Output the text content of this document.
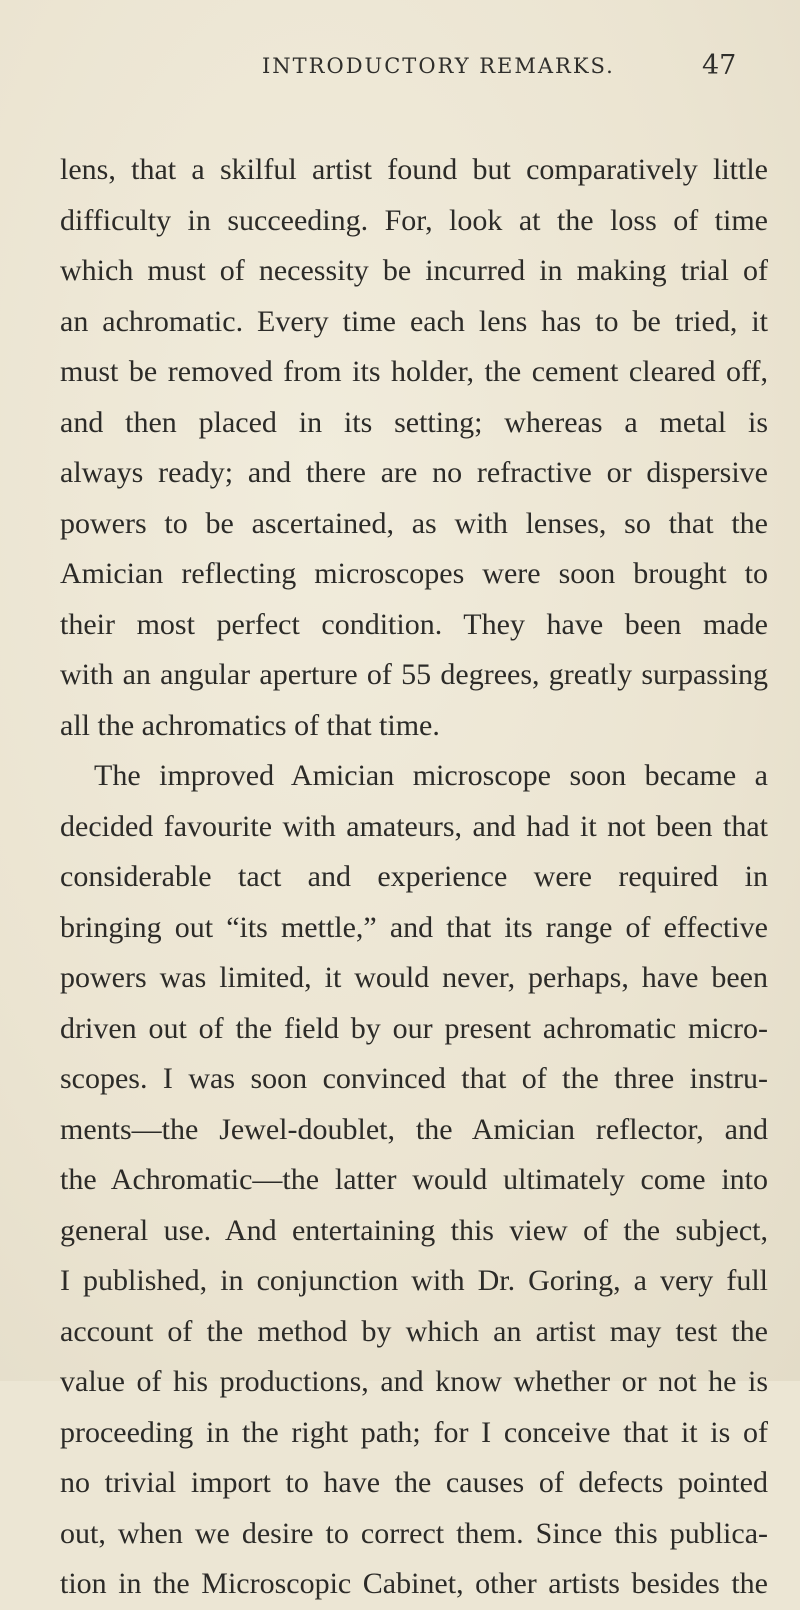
INTRODUCTORY REMARKS.	47
lens, that a skilful artist found but comparatively little
difficulty in succeeding. For, look at the loss of time
which must of necessity be incurred in making trial of
an achromatic. Every time each lens has to be tried, it
must be removed from its holder, the cement cleared off,
and then placed in its setting; whereas a metal is
always ready; and there are no refractive or dispersive
powers to be ascertained, as with lenses, so that the
Amician reflecting microscopes were soon brought to
their most perfect condition. They have been made
with an angular aperture of 55 degrees, greatly surpassing
all the achromatics of that time.
The improved Amician microscope soon became a
decided favourite with amateurs, and had it not been that
considerable tact and experience were required in
bringing out “its mettle,” and that its range of effective
powers was limited, it would never, perhaps, have been
driven out of the field by our present achromatic micro-
scopes. I was soon convinced that of the three instru-
ments—the Jewel-doublet, the Amician reflector, and
the Achromatic—the latter would ultimately come into
general use. And entertaining this view of the subject,
I published, in conjunction with Dr. Goring, a very full
account of the method by which an artist may test the
value of his productions, and know whether or not he is
proceeding in the right path; for I conceive that it is of
no trivial import to have the causes of defects pointed
out, when we desire to correct them. Since this publica-
tion in the Microscopic Cabinet, other artists besides the
